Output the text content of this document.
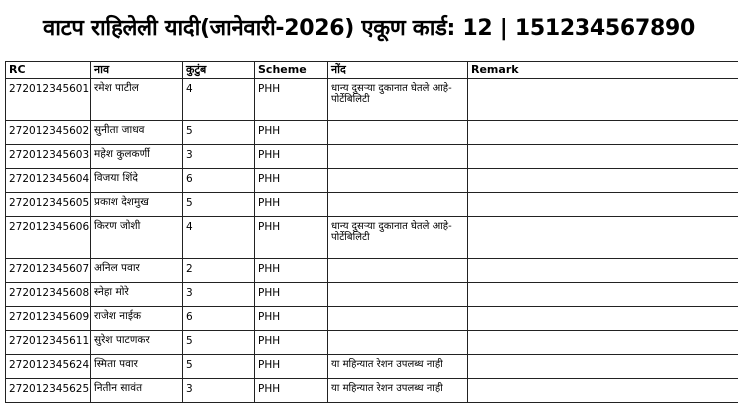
वाटप राहिलेली यादी(जानेवारी-2026) एकूण कार्ड: 12 | 151234567890
RC	नाव	कुटुंब	Scheme	नोंद	Remark
272012345601	रमेश पाटील	4	PHH	धान्य दुसऱ्या दुकानात घेतले आहे-पोर्टेबिलिटी	
272012345602	सुनीता जाधव	5	PHH		
272012345603	महेश कुलकर्णी	3	PHH		
272012345604	विजया शिंदे	6	PHH		
272012345605	प्रकाश देशमुख	5	PHH		
272012345606	किरण जोशी	4	PHH	धान्य दुसऱ्या दुकानात घेतले आहे-पोर्टेबिलिटी	
272012345607	अनिल पवार	2	PHH		
272012345608	स्नेहा मोरे	3	PHH		
272012345609	राजेश नाईक	6	PHH		
272012345611	सुरेश पाटणकर	5	PHH		
272012345624	स्मिता पवार	5	PHH	या महिन्यात रेशन उपलब्ध नाही	
272012345625	नितीन सावंत	3	PHH	या महिन्यात रेशन उपलब्ध नाही	
